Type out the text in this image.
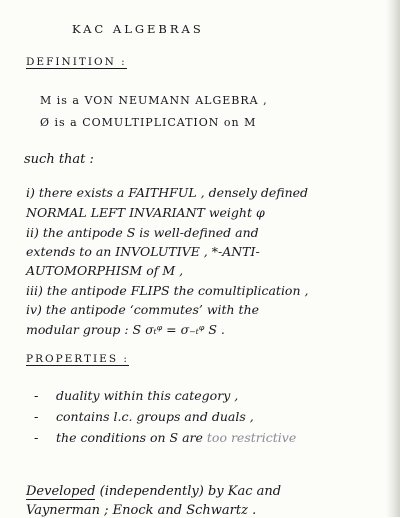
KAC ALGEBRAS
DEFINITION :
M is a VON NEUMANN ALGEBRA ,
Ø is a COMULTIPLICATION on M
such that :
i) there exists a FAITHFUL , densely defined
NORMAL LEFT INVARIANT weight φ
ii) the antipode S is well-defined and
extends to an INVOLUTIVE , *-ANTI-
AUTOMORPHISM of M ,
iii) the antipode FLIPS the comultiplication ,
iv) the antipode ‘commutes’ with the
modular group : S σₜᵠ = σ₋ₜᵠ S .
PROPERTIES :
- duality within this category ,
- contains l.c. groups and duals ,
- the conditions on S are too restrictive
Developed (independently) by Kac and
Vaynerman ; Enock and Schwartz .
